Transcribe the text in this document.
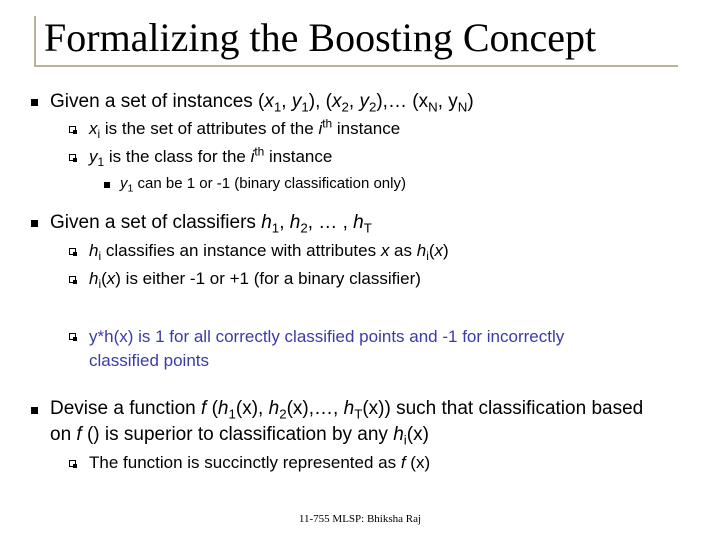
Formalizing the Boosting Concept
Given a set of instances ($x_1$, $y_1$), ($x_2$, $y_2),\dots$ ($x_N$, $y_N$)
$x_i$ is the set of attributes of the $i^{th}$ instance
$y_1$ is the class for the $i^{th}$ instance
$y_1$ can be 1 or -1 (binary classification only)
Given a set of classifiers $h_1$, $h_2$, … , $h_T$
$h_i$ classifies an instance with attributes x as $h_i(x)$
$h_i(x)$ is either -1 or +1 (for a binary classifier)
y*h(x) is 1 for all correctly classified points and -1 for incorrectly
classified points
Devise a function f ($h_1(x)$, $h_2(x),\dots$, $h_T(x)$) such that classification based
on f () is superior to classification by any $h_i(x)$
The function is succinctly represented as f (x)
11-755 MLSP: Bhiksha Raj
